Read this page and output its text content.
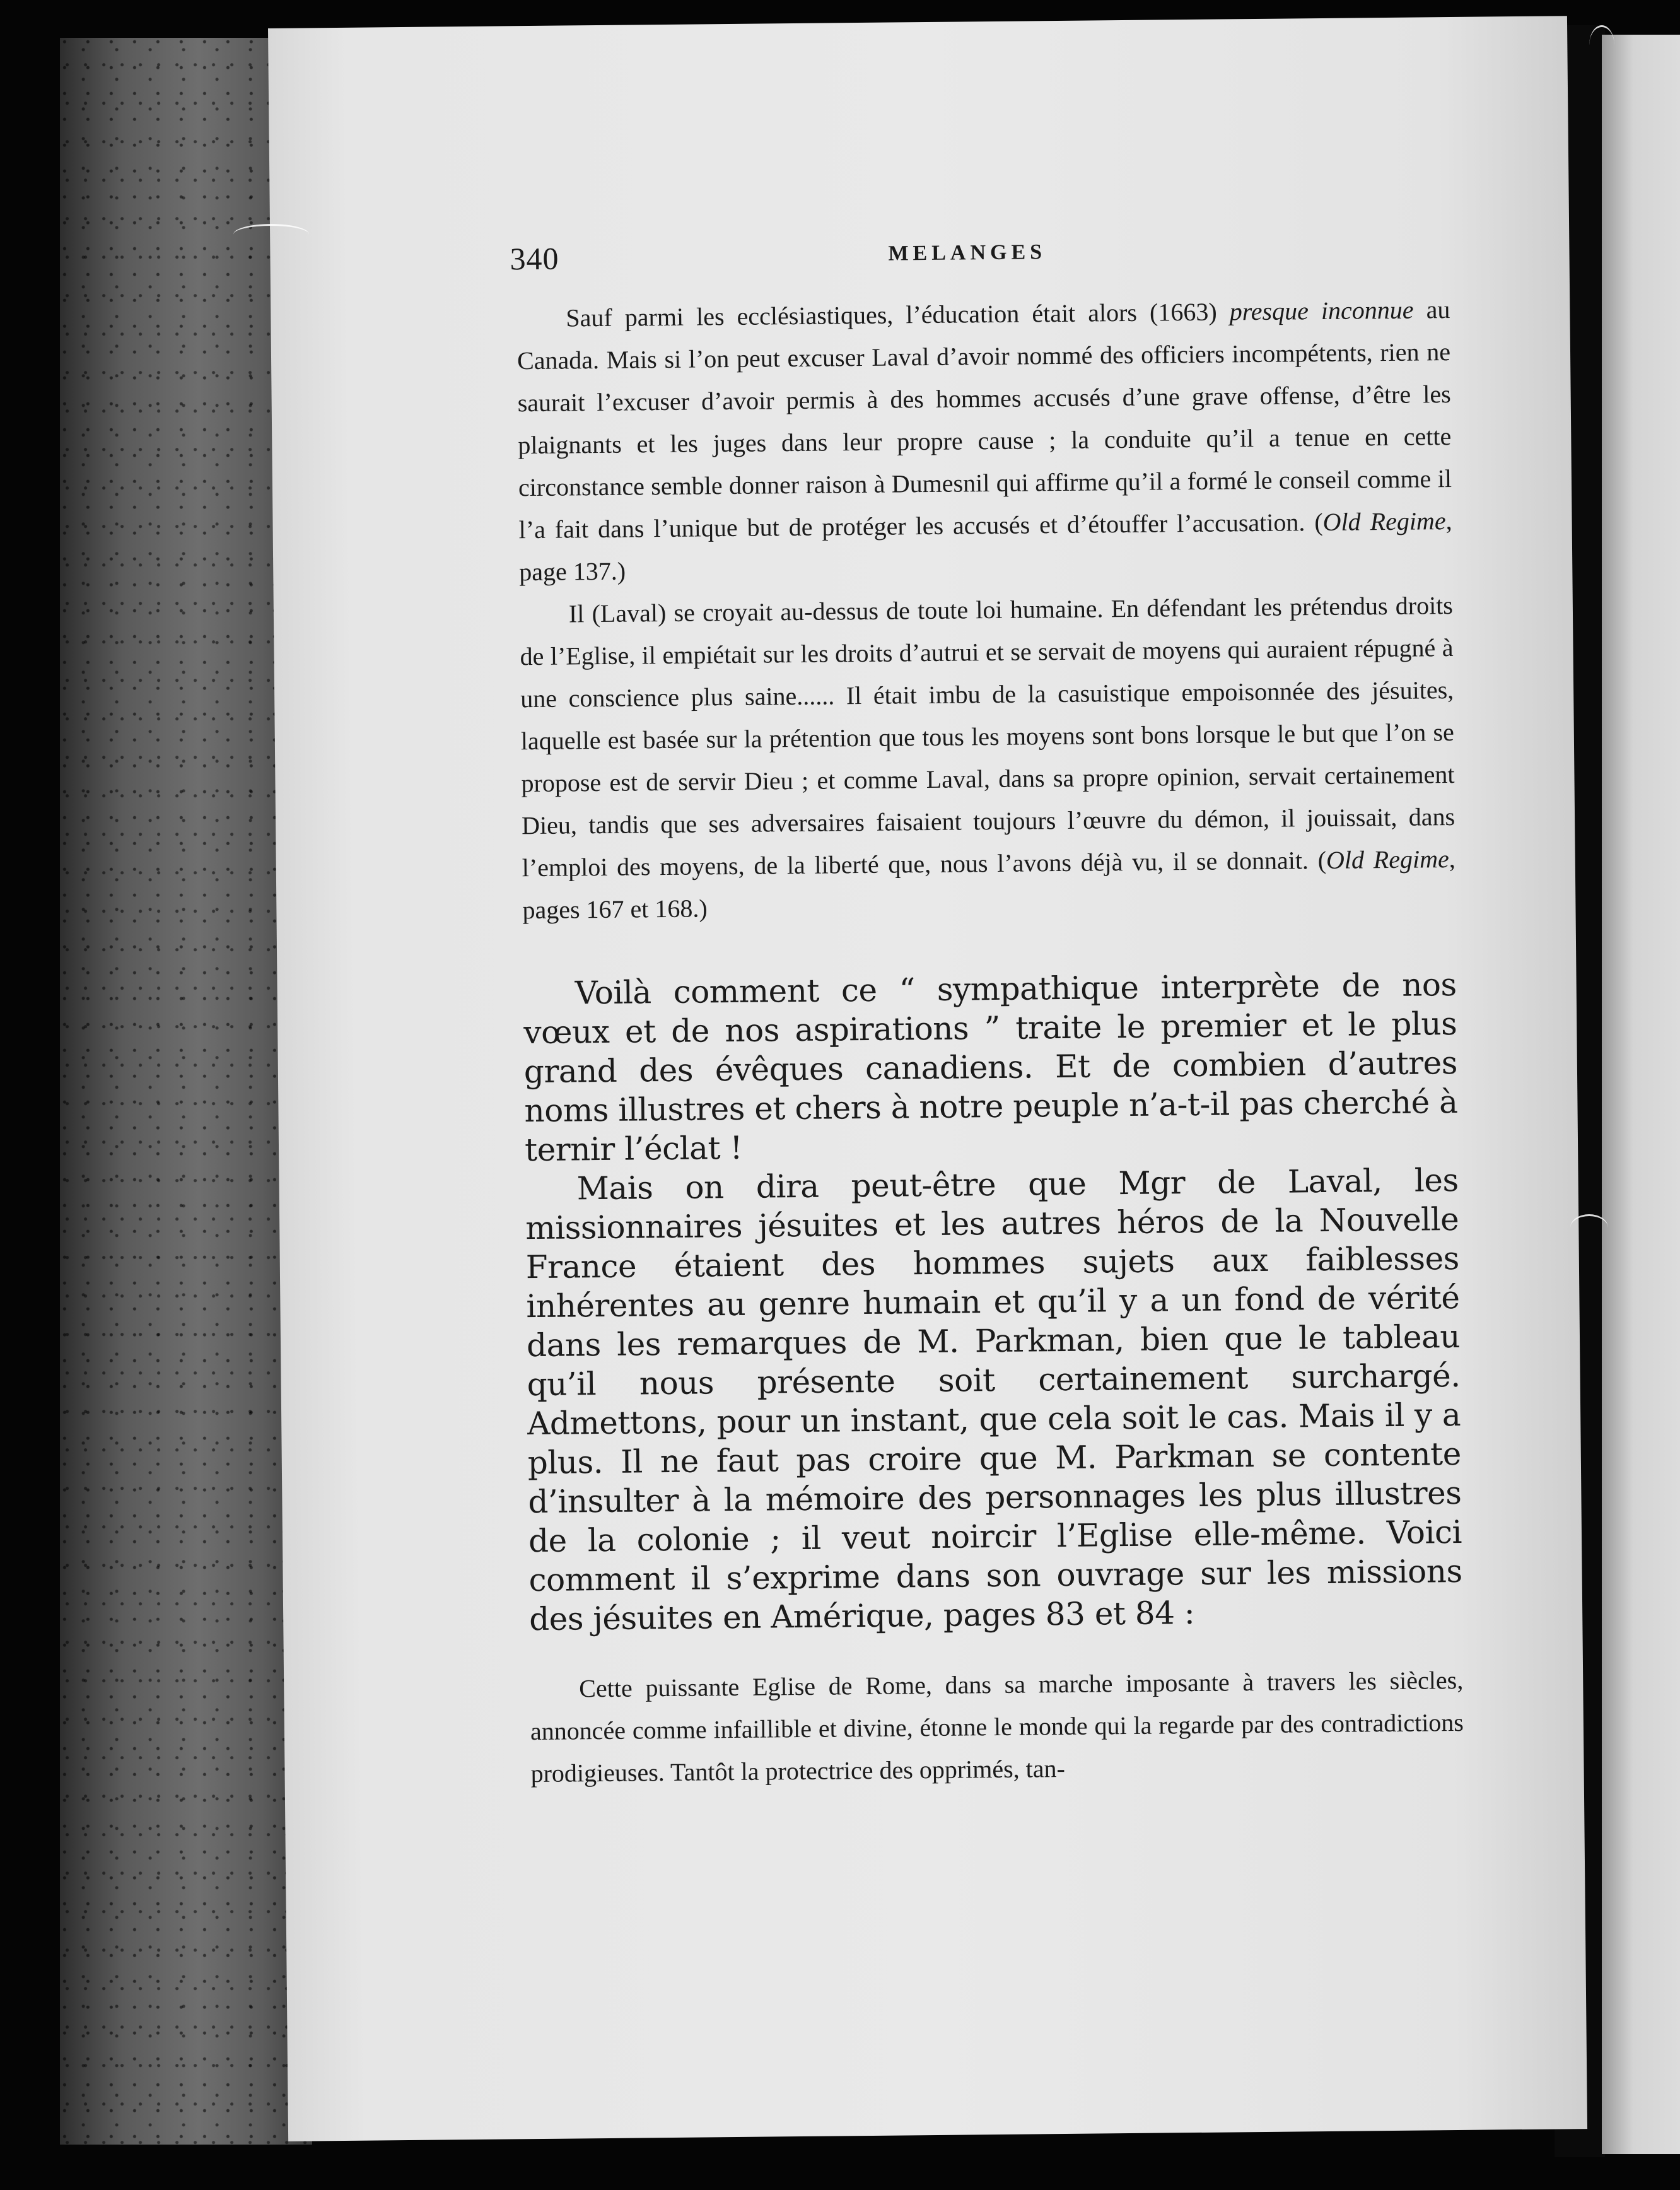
340	MELANGES

Sauf parmi les ecclésiastiques, l’éducation était alors (1663) presque inconnue au Canada. Mais si l’on peut excuser Laval d’avoir nommé des officiers incompétents, rien ne saurait l’excuser d’avoir permis à des hommes accusés d’une grave offense, d’être les plaignants et les juges dans leur propre cause ; la conduite qu’il a tenue en cette circonstance semble donner raison à Dumesnil qui affirme qu’il a formé le conseil comme il l’a fait dans l’unique but de protéger les accusés et d’étouffer l’accusation. (Old Regime, page 137.)

Il (Laval) se croyait au-dessus de toute loi humaine. En défendant les prétendus droits de l’Eglise, il empiétait sur les droits d’autrui et se servait de moyens qui auraient répugné à une conscience plus saine...... Il était imbu de la casuistique empoisonnée des jésuites, laquelle est basée sur la prétention que tous les moyens sont bons lorsque le but que l’on se propose est de servir Dieu ; et comme Laval, dans sa propre opinion, servait certainement Dieu, tandis que ses adversaires faisaient toujours l’œuvre du démon, il jouissait, dans l’emploi des moyens, de la liberté que, nous l’avons déjà vu, il se donnait. (Old Regime, pages 167 et 168.)

Voilà comment ce “ sympathique interprète de nos vœux et de nos aspirations ” traite le premier et le plus grand des évêques canadiens. Et de combien d’autres noms illustres et chers à notre peuple n’a-t-il pas cherché à ternir l’éclat !

Mais on dira peut-être que Mgr de Laval, les missionnaires jésuites et les autres héros de la Nouvelle France étaient des hommes sujets aux faiblesses inhérentes au genre humain et qu’il y a un fond de vérité dans les remarques de M. Parkman, bien que le tableau qu’il nous présente soit certainement surchargé. Admettons, pour un instant, que cela soit le cas. Mais il y a plus. Il ne faut pas croire que M. Parkman se contente d’insulter à la mémoire des personnages les plus illustres de la colonie ; il veut noircir l’Eglise elle-même. Voici comment il s’exprime dans son ouvrage sur les missions des jésuites en Amérique, pages 83 et 84 :

Cette puissante Eglise de Rome, dans sa marche imposante à travers les siècles, annoncée comme infaillible et divine, étonne le monde qui la regarde par des contradictions prodigieuses. Tantôt la protectrice des opprimés, tan-
